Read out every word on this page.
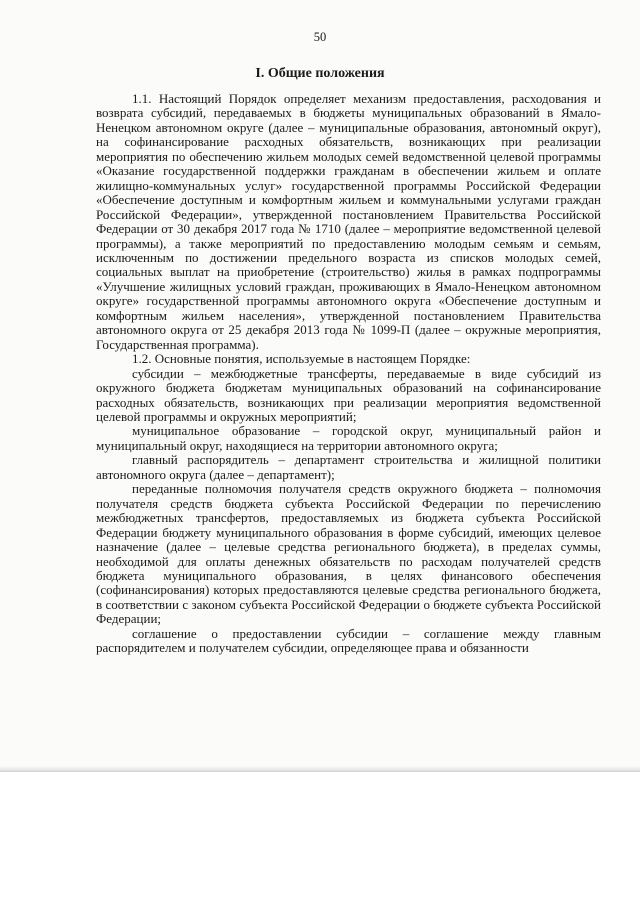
50
I. Общие положения

1.1. Настоящий Порядок определяет механизм предоставления, расходования и возврата субсидий, передаваемых в бюджеты муниципальных образований в Ямало-Ненецком автономном округе (далее – муниципальные образования, автономный округ), на софинансирование расходных обязательств, возникающих при реализации мероприятия по обеспечению жильем молодых семей ведомственной целевой программы «Оказание государственной поддержки гражданам в обеспечении жильем и оплате жилищно-коммунальных услуг» государственной программы Российской Федерации «Обеспечение доступным и комфортным жильем и коммунальными услугами граждан Российской Федерации», утвержденной постановлением Правительства Российской Федерации от 30 декабря 2017 года № 1710 (далее – мероприятие ведомственной целевой программы), а также мероприятий по предоставлению молодым семьям и семьям, исключенным по достижении предельного возраста из списков молодых семей, социальных выплат на приобретение (строительство) жилья в рамках подпрограммы «Улучшение жилищных условий граждан, проживающих в Ямало-Ненецком автономном округе» государственной программы автономного округа «Обеспечение доступным и комфортным жильем населения», утвержденной постановлением Правительства автономного округа от 25 декабря 2013 года № 1099-П (далее – окружные мероприятия, Государственная программа).

1.2. Основные понятия, используемые в настоящем Порядке:

субсидии – межбюджетные трансферты, передаваемые в виде субсидий из окружного бюджета бюджетам муниципальных образований на софинансирование расходных обязательств, возникающих при реализации мероприятия ведомственной целевой программы и окружных мероприятий;

муниципальное образование – городской округ, муниципальный район и муниципальный округ, находящиеся на территории автономного округа;

главный распорядитель – департамент строительства и жилищной политики автономного округа (далее – департамент);

переданные полномочия получателя средств окружного бюджета – полномочия получателя средств бюджета субъекта Российской Федерации по перечислению межбюджетных трансфертов, предоставляемых из бюджета субъекта Российской Федерации бюджету муниципального образования в форме субсидий, имеющих целевое назначение (далее – целевые средства регионального бюджета), в пределах суммы, необходимой для оплаты денежных обязательств по расходам получателей средств бюджета муниципального образования, в целях финансового обеспечения (софинансирования) которых предоставляются целевые средства регионального бюджета, в соответствии с законом субъекта Российской Федерации о бюджете субъекта Российской Федерации;

соглашение о предоставлении субсидии – соглашение между главным распорядителем и получателем субсидии, определяющее права и обязанности
